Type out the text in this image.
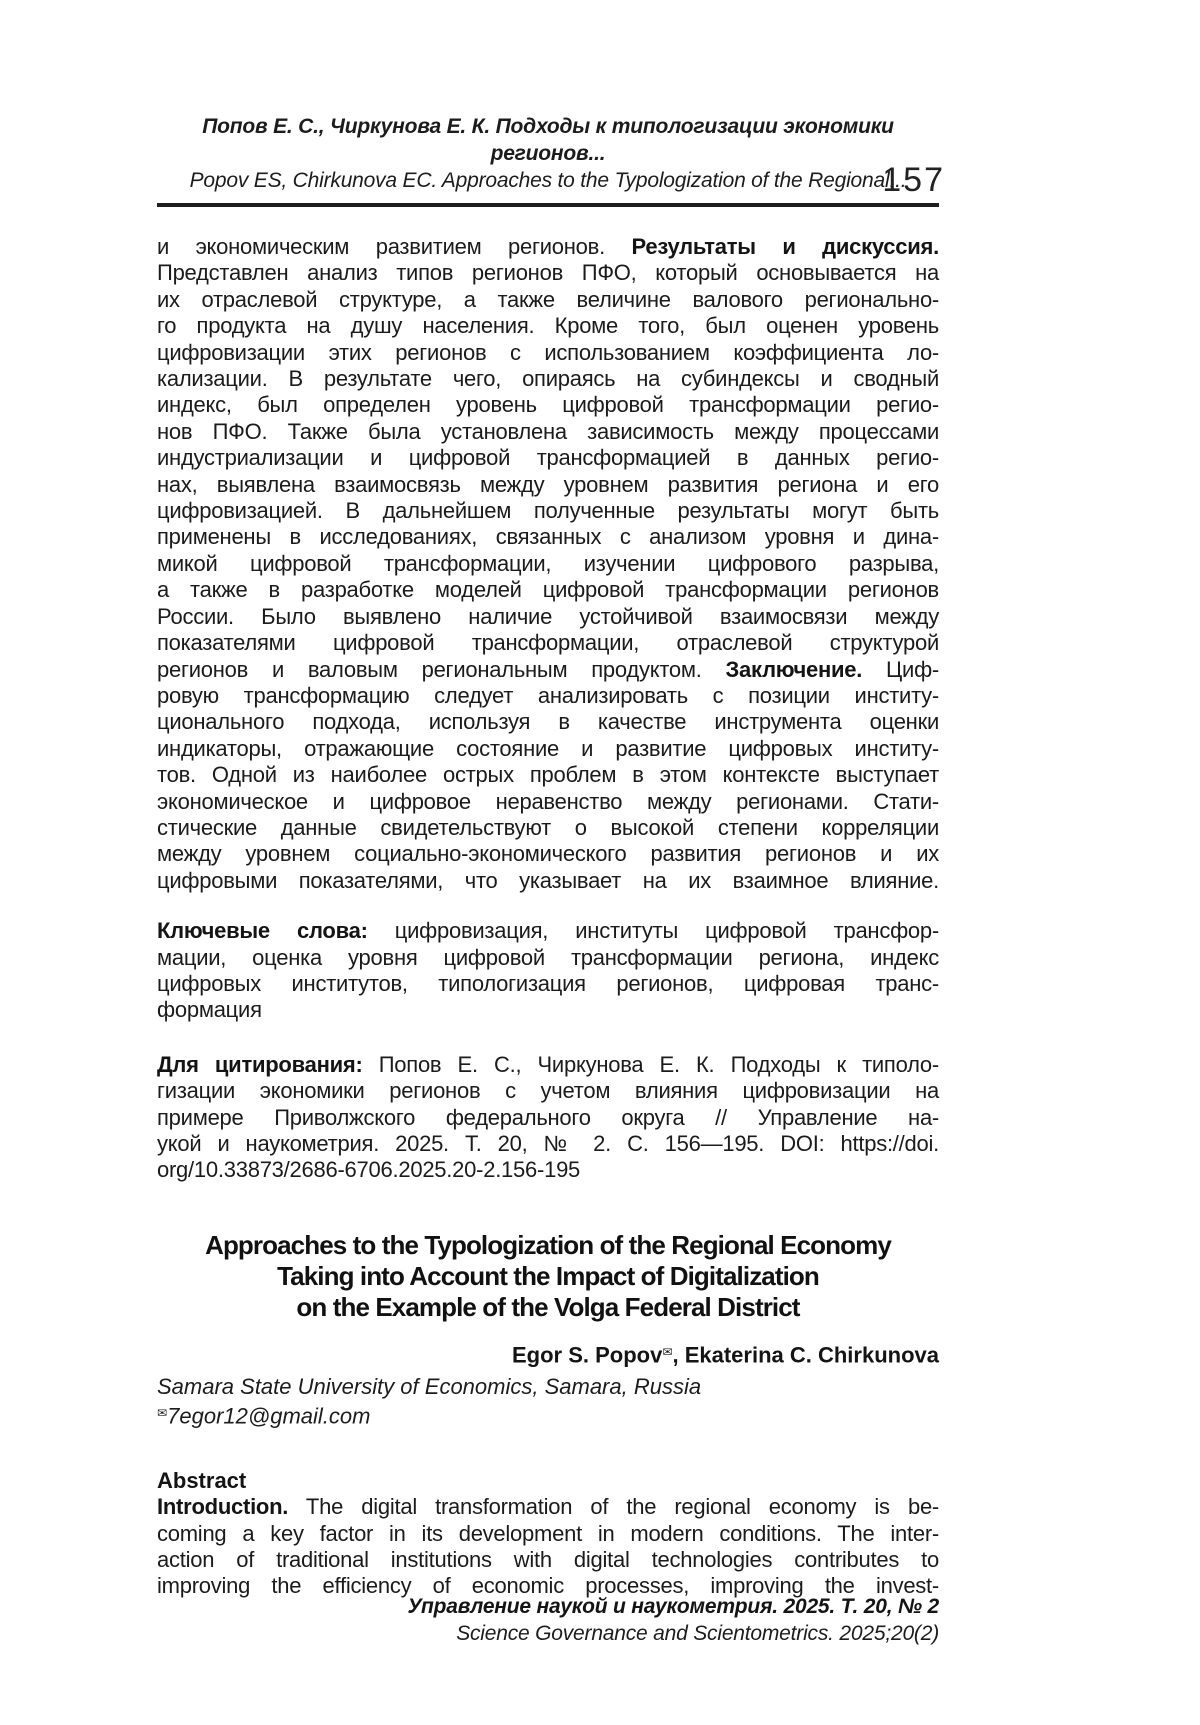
Попов Е. С., Чиркунова Е. К. Подходы к типологизации экономики регионов...
Popov ES, Chirkunova EC. Approaches to the Typologization of the Regional...
157

и экономическим развитием регионов. Результаты и дискуссия.
Представлен анализ типов регионов ПФО, который основывается на
их отраслевой структуре, а также величине валового регионально-
го продукта на душу населения. Кроме того, был оценен уровень
цифровизации этих регионов с использованием коэффициента ло-
кализации. В результате чего, опираясь на субиндексы и сводный
индекс, был определен уровень цифровой трансформации регио-
нов ПФО. Также была установлена зависимость между процессами
индустриализации и цифровой трансформацией в данных регио-
нах, выявлена взаимосвязь между уровнем развития региона и его
цифровизацией. В дальнейшем полученные результаты могут быть
применены в исследованиях, связанных с анализом уровня и дина-
микой цифровой трансформации, изучении цифрового разрыва,
а также в разработке моделей цифровой трансформации регионов
России. Было выявлено наличие устойчивой взаимосвязи между
показателями цифровой трансформации, отраслевой структурой
регионов и валовым региональным продуктом. Заключение. Циф-
ровую трансформацию следует анализировать с позиции институ-
ционального подхода, используя в качестве инструмента оценки
индикаторы, отражающие состояние и развитие цифровых институ-
тов. Одной из наиболее острых проблем в этом контексте выступает
экономическое и цифровое неравенство между регионами. Стати-
стические данные свидетельствуют о высокой степени корреляции
между уровнем социально-экономического развития регионов и их
цифровыми показателями, что указывает на их взаимное влияние.

Ключевые слова: цифровизация, институты цифровой трансфор-
мации, оценка уровня цифровой трансформации региона, индекс
цифровых институтов, типологизация регионов, цифровая транс-
формация

Для цитирования: Попов Е. С., Чиркунова Е. К. Подходы к типоло-
гизации экономики регионов с учетом влияния цифровизации на
примере Приволжского федерального округа // Управление на-
укой и наукометрия. 2025. Т. 20, № 2. С. 156—195. DOI: https://doi.
org/10.33873/2686-6706.2025.20-2.156-195

Approaches to the Typologization of the Regional Economy
Taking into Account the Impact of Digitalization
on the Example of the Volga Federal District
Egor S. Popov✉, Ekaterina C. Chirkunova
Samara State University of Economics, Samara, Russia
✉7egor12@gmail.com
Abstract

Introduction. The digital transformation of the regional economy is be-
coming a key factor in its development in modern conditions. The inter-
action of traditional institutions with digital technologies contributes to
improving the efficiency of economic processes, improving the invest-

Управление наукой и наукометрия. 2025. Т. 20, № 2
Science Governance and Scientometrics. 2025;20(2)
